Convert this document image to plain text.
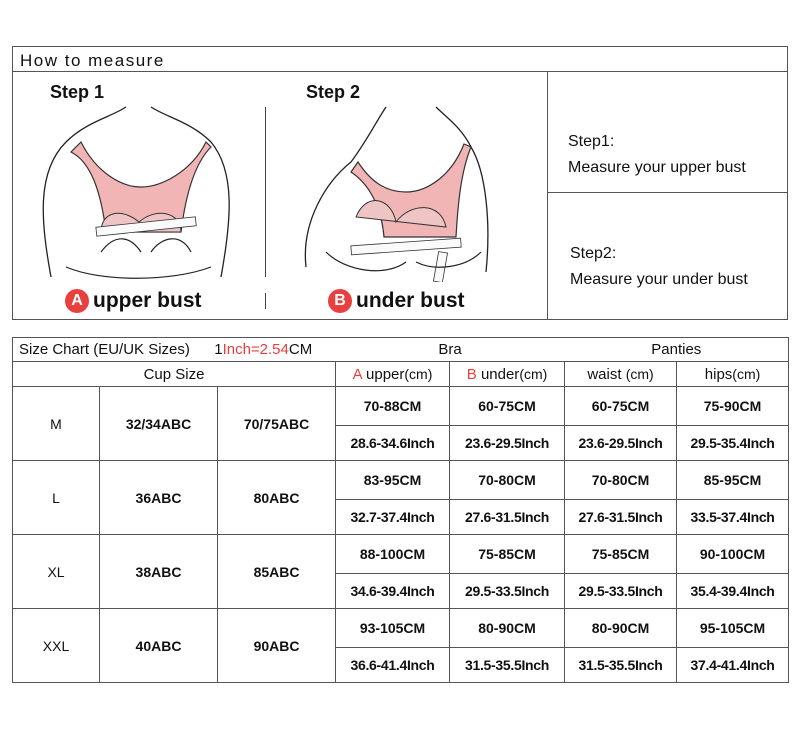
How to measure
Step 1
A upper bust
Step 2
B under bust
Step1:
Measure your upper bust
Step2:
Measure your under bust
Size Chart (EU/UK Sizes) 1Inch=2.54CM			Bra		Panties	
Cup Size			A upper(cm)	B under(cm)	waist (cm)	hips(cm)
M	32/34ABC	70/75ABC	70-88CM	60-75CM	60-75CM	75-90CM
			28.6-34.6Inch	23.6-29.5Inch	23.6-29.5Inch	29.5-35.4Inch
L	36ABC	80ABC	83-95CM	70-80CM	70-80CM	85-95CM
			32.7-37.4Inch	27.6-31.5Inch	27.6-31.5Inch	33.5-37.4Inch
XL	38ABC	85ABC	88-100CM	75-85CM	75-85CM	90-100CM
			34.6-39.4Inch	29.5-33.5Inch	29.5-33.5Inch	35.4-39.4Inch
XXL	40ABC	90ABC	93-105CM	80-90CM	80-90CM	95-105CM
			36.6-41.4Inch	31.5-35.5Inch	31.5-35.5Inch	37.4-41.4Inch
